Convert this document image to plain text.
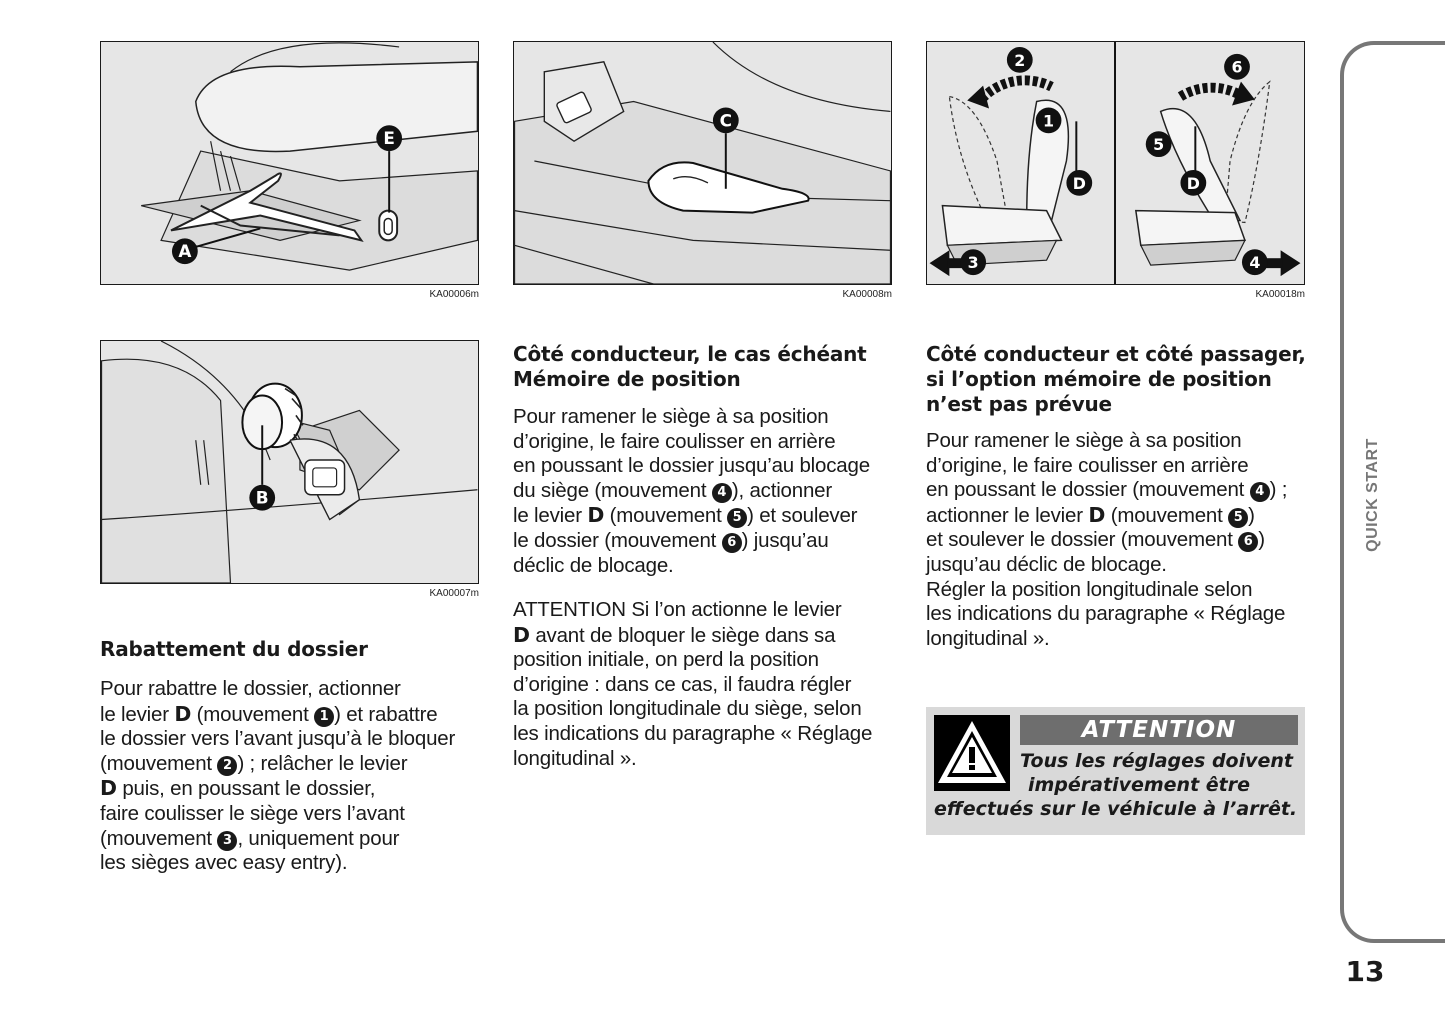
E
A
KA00006m
C
KA00008m
2
1
D
3
6
5
D
4
KA00018m
B
KA00007m
Rabattement du dossier
Pour rabattre le dossier, actionner
le levier D (mouvement 1 ) et rabattre
le dossier vers l’avant jusqu’à le bloquer
(mouvement 2 ) ; relâcher le levier
D puis, en poussant le dossier,
faire coulisser le siège vers l’avant
(mouvement 3 , uniquement pour
les sièges avec easy entry).
Côté conducteur, le cas échéant
Mémoire de position
Pour ramener le siège à sa position
d’origine, le faire coulisser en arrière
en poussant le dossier jusqu’au blocage
du siège (mouvement 4 ), actionner
le levier D (mouvement 5 ) et soulever
le dossier (mouvement 6 ) jusqu’au
déclic de blocage.
ATTENTION Si l’on actionne le levier
D avant de bloquer le siège dans sa
position initiale, on perd la position
d’origine : dans ce cas, il faudra régler
la position longitudinale du siège, selon
les indications du paragraphe « Réglage
longitudinal ».
Côté conducteur et côté passager,
si l’option mémoire de position
n’est pas prévue
Pour ramener le siège à sa position
d’origine, le faire coulisser en arrière
en poussant le dossier (mouvement 4 ) ;
actionner le levier D (mouvement 5 )
et soulever le dossier (mouvement 6 )
jusqu’au déclic de blocage.
Régler la position longitudinale selon
les indications du paragraphe « Réglage
longitudinal ».
ATTENTION
Tous les réglages doivent
impérativement être
effectués sur le véhicule à l’arrêt.
QUICK START
13
